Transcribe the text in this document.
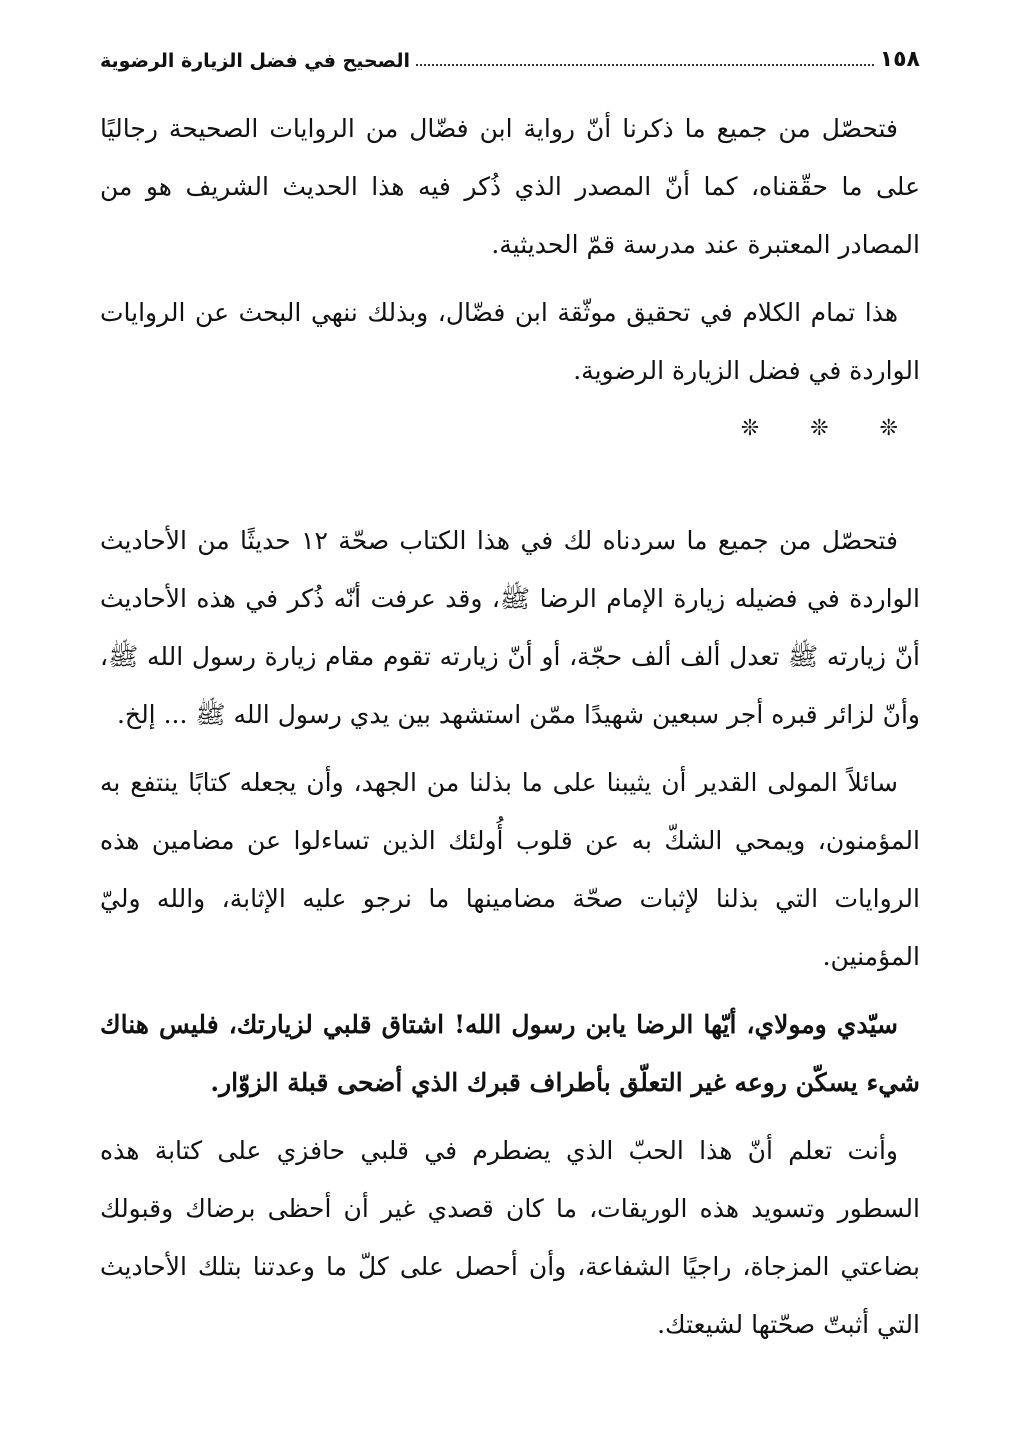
١٥٨
الصحيح في فضل الزيارة الرضوية

فتحصّل من جميع ما ذكرنا أنّ رواية ابن فضّال من الروايات الصحيحة رجاليًا على ما حقّقناه، كما أنّ المصدر الذي ذُكر فيه هذا الحديث الشريف هو من المصادر المعتبرة عند مدرسة قمّ الحديثية.

هذا تمام الكلام في تحقيق موثّقة ابن فضّال، وبذلك ننهي البحث عن الروايات الواردة في فضل الزيارة الرضوية.

❊ ❊ ❊

فتحصّل من جميع ما سردناه لك في هذا الكتاب صحّة ١٢ حديثًا من الأحاديث الواردة في فضيله زيارة الإمام الرضا ﷺ، وقد عرفت أنّه ذُكر في هذه الأحاديث أنّ زيارته ﷺ تعدل ألف ألف حجّة، أو أنّ زيارته تقوم مقام زيارة رسول الله ﷺ، وأنّ لزائر قبره أجر سبعين شهيدًا ممّن استشهد بين يدي رسول الله ﷺ ... إلخ.

سائلاً المولى القدير أن يثيبنا على ما بذلنا من الجهد، وأن يجعله كتابًا ينتفع به المؤمنون، ويمحي الشكّ به عن قلوب أُولئك الذين تساءلوا عن مضامين هذه الروايات التي بذلنا لإثبات صحّة مضامينها ما نرجو عليه الإثابة، والله وليّ المؤمنين.

سيّدي ومولاي، أيّها الرضا يابن رسول الله! اشتاق قلبي لزيارتك، فليس هناك شيء يسكّن روعه غير التعلّق بأطراف قبرك الذي أضحى قبلة الزوّار.

وأنت تعلم أنّ هذا الحبّ الذي يضطرم في قلبي حافزي على كتابة هذه السطور وتسويد هذه الوريقات، ما كان قصدي غير أن أحظى برضاك وقبولك بضاعتي المزجاة، راجيًا الشفاعة، وأن أحصل على كلّ ما وعدتنا بتلك الأحاديث التي أثبتّ صحّتها لشيعتك.
